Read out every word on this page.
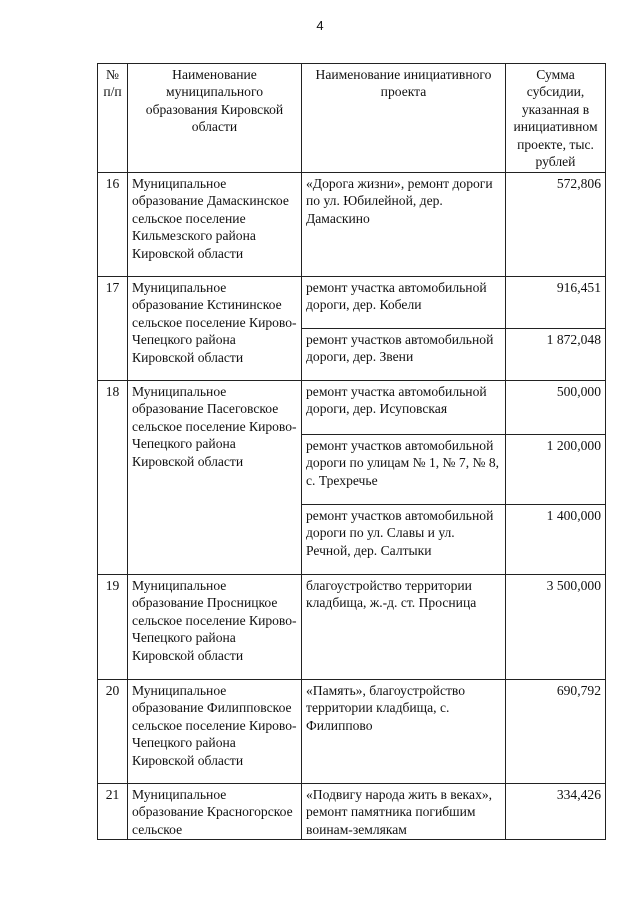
4
№ п/п	Наименование муниципального образования Кировской области	Наименование инициативного проекта	Сумма субсидии, указанная в инициативном проекте, тыс. рублей
16	Муниципальное образование Дамаскинское сельское поселение Кильмезского района Кировской области	«Дорога жизни», ремонт дороги по ул. Юбилейной, дер. Дамаскино	572,806
17	Муниципальное образование Кстининское сельское поселение Кирово-Чепецкого района Кировской области	ремонт участка автомобильной дороги, дер. Кобели	916,451
		ремонт участков автомобильной дороги, дер. Звени	1 872,048
18	Муниципальное образование Пасеговское сельское поселение Кирово-Чепецкого района Кировской области	ремонт участка автомобильной дороги, дер. Исуповская	500,000
		ремонт участков автомобильной дороги по улицам № 1, № 7, № 8, с. Трехречье	1 200,000
		ремонт участков автомобильной дороги по ул. Славы и ул. Речной, дер. Салтыки	1 400,000
19	Муниципальное образование Просницкое сельское поселение Кирово-Чепецкого района Кировской области	благоустройство территории кладбища, ж.-д. ст. Просница	3 500,000
20	Муниципальное образование Филипповское сельское поселение Кирово-Чепецкого района Кировской области	«Память», благоустройство территории кладбища, с. Филиппово	690,792
21	Муниципальное образование Красногорское сельское	«Подвигу народа жить в веках», ремонт памятника погибшим воинам-землякам	334,426
